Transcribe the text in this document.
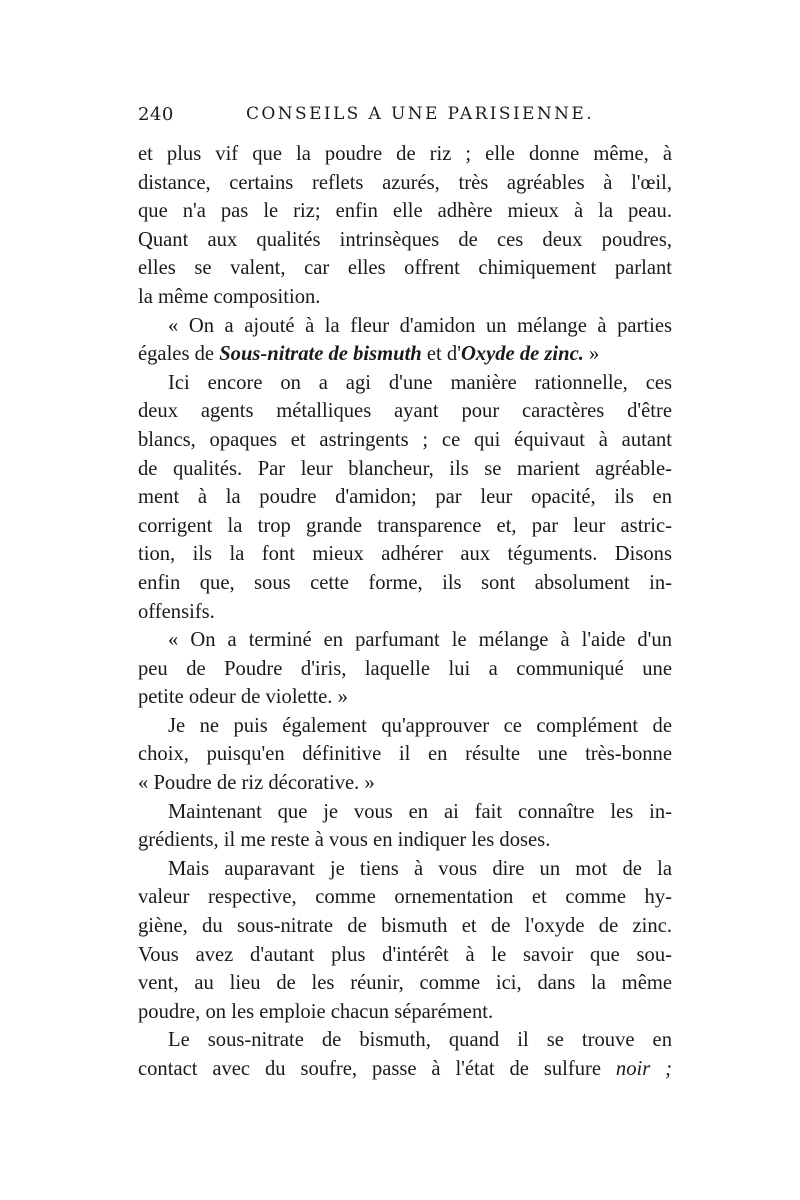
240	CONSEILS A UNE PARISIENNE.

et plus vif que la poudre de riz ; elle donne même, à

distance, certains reflets azurés, très agréables à l'œil,

que n'a pas le riz; enfin elle adhère mieux à la peau.

Quant aux qualités intrinsèques de ces deux poudres,

elles se valent, car elles offrent chimiquement parlant

la même composition.

« On a ajouté à la fleur d'amidon un mélange à parties

égales de Sous-nitrate de bismuth et d'Oxyde de zinc. »

Ici encore on a agi d'une manière rationnelle, ces

deux agents métalliques ayant pour caractères d'être

blancs, opaques et astringents ; ce qui équivaut à autant

de qualités. Par leur blancheur, ils se marient agréable-

ment à la poudre d'amidon; par leur opacité, ils en

corrigent la trop grande transparence et, par leur astric-

tion, ils la font mieux adhérer aux téguments. Disons

enfin que, sous cette forme, ils sont absolument in-

offensifs.

« On a terminé en parfumant le mélange à l'aide d'un

peu de Poudre d'iris, laquelle lui a communiqué une

petite odeur de violette. »

Je ne puis également qu'approuver ce complément de

choix, puisqu'en définitive il en résulte une très-bonne

« Poudre de riz décorative. »

Maintenant que je vous en ai fait connaître les in-

grédients, il me reste à vous en indiquer les doses.

Mais auparavant je tiens à vous dire un mot de la

valeur respective, comme ornementation et comme hy-

giène, du sous-nitrate de bismuth et de l'oxyde de zinc.

Vous avez d'autant plus d'intérêt à le savoir que sou-

vent, au lieu de les réunir, comme ici, dans la même

poudre, on les emploie chacun séparément.

Le sous-nitrate de bismuth, quand il se trouve en

contact avec du soufre, passe à l'état de sulfure noir ;
